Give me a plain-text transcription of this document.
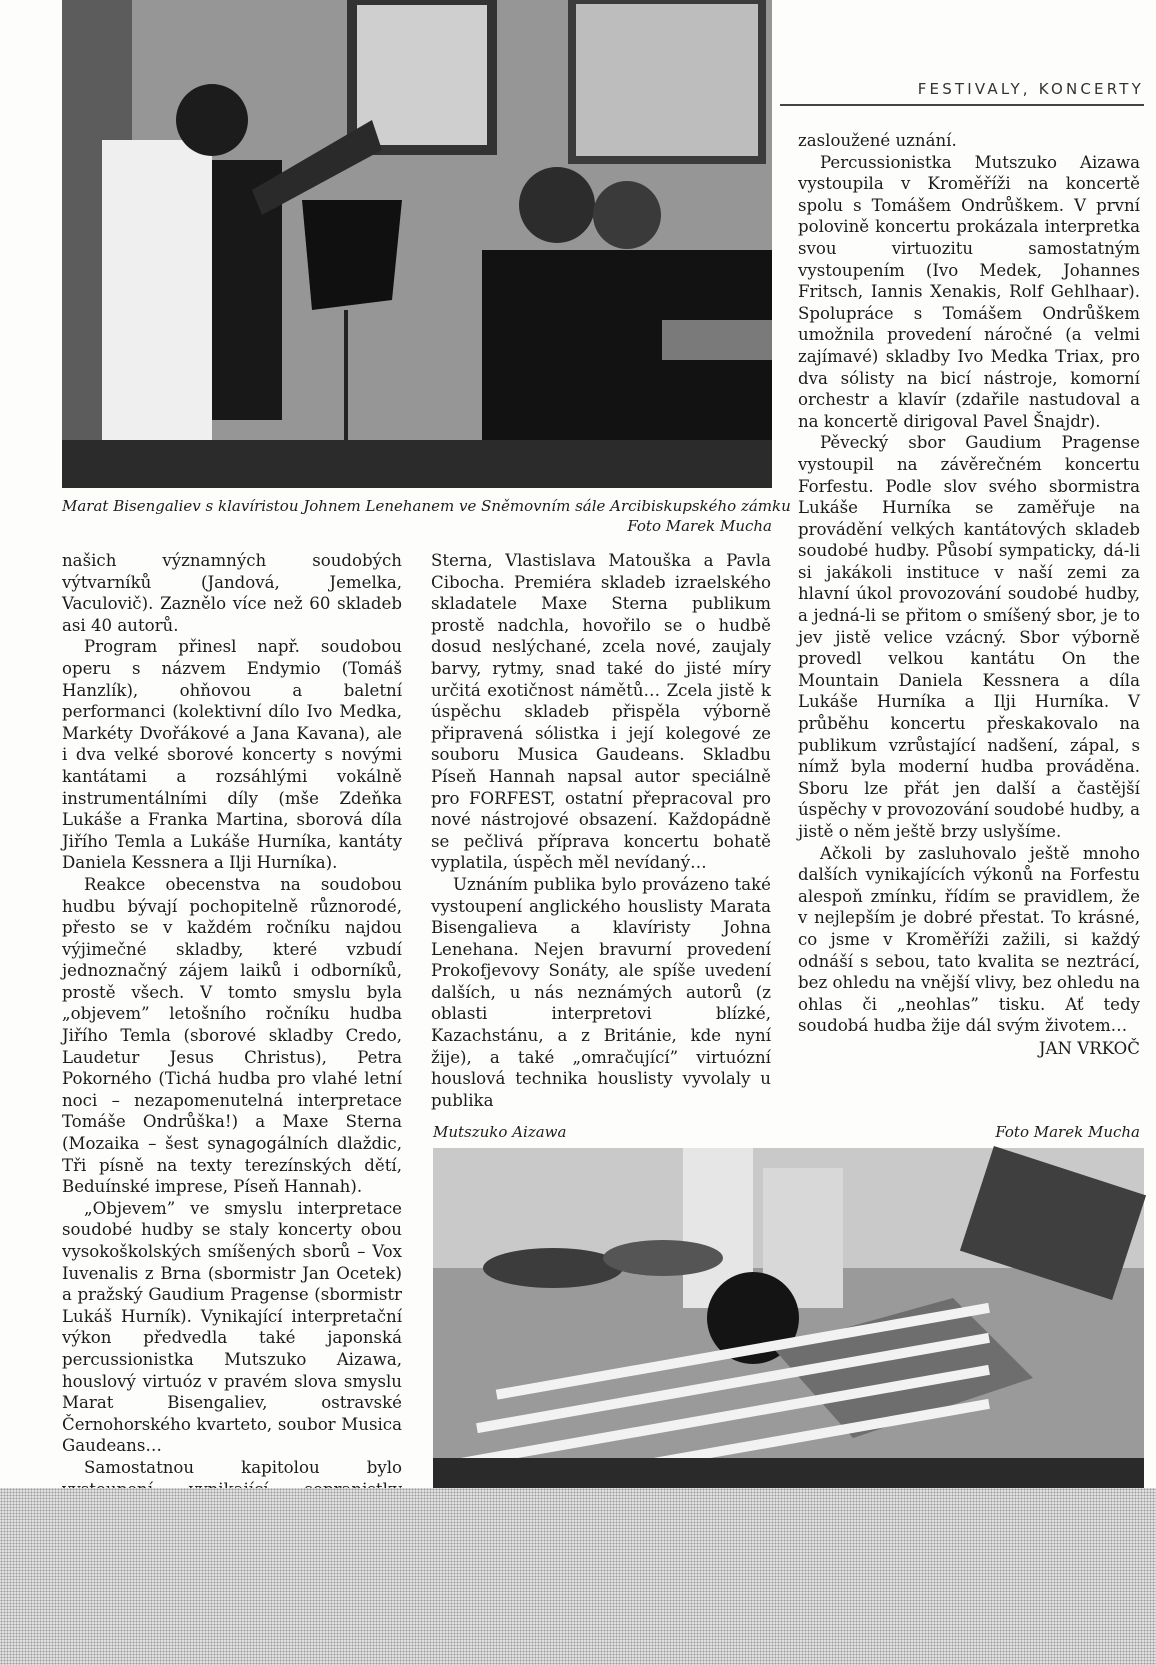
FESTIVALY, KONCERTY
Marat Bisengaliev s klavíristou Johnem Lenehanem ve Sněmovním sále Arcibiskupského zámku
Foto Marek Mucha

našich významných soudobých výtvarníků (Jandová, Jemelka, Vaculovič). Zaznělo více než 60 skladeb asi 40 autorů.

Program přinesl např. soudobou operu s názvem Endymio (Tomáš Hanzlík), ohňovou a baletní performanci (kolektivní dílo Ivo Medka, Markéty Dvořákové a Jana Kavana), ale i dva velké sborové koncerty s novými kantátami a rozsáhlými vokálně instrumentálními díly (mše Zdeňka Lukáše a Franka Martina, sborová díla Jiřího Temla a Lukáše Hurníka, kantáty Daniela Kessnera a Ilji Hurníka).

Reakce obecenstva na soudobou hudbu bývají pochopitelně různorodé, přesto se v každém ročníku najdou výjimečné skladby, které vzbudí jednoznačný zájem laiků i odborníků, prostě všech. V tomto smyslu byla „objevem” letošního ročníku hudba Jiřího Temla (sborové skladby Credo, Laudetur Jesus Christus), Petra Pokorného (Tichá hudba pro vlahé letní noci – nezapomenutelná interpretace Tomáše Ondrůška!) a Maxe Sterna (Mozaika – šest synagogálních dlaždic, Tři písně na texty terezínských dětí, Beduínské imprese, Píseň Hannah).

„Objevem” ve smyslu interpretace soudobé hudby se staly koncerty obou vysokoškolských smíšených sborů – Vox Iuvenalis z Brna (sbormistr Jan Ocetek) a pražský Gaudium Pragense (sbormistr Lukáš Hurník). Vynikající interpretační výkon předvedla také japonská percussionistka Mutszuko Aizawa, houslový virtuóz v pravém slova smyslu Marat Bisengaliev, ostravské Černohorského kvarteto, soubor Musica Gaudeans…

Samostatnou kapitolou bylo

Sterna, Vlastislava Matouška a Pavla Cibocha. Premiéra skladeb izraelského skladatele Maxe Sterna publikum prostě nadchla, hovořilo se o hudbě dosud neslýchané, zcela nové, zaujaly barvy, rytmy, snad také do jisté míry určitá exotičnost námětů… Zcela jistě k úspěchu skladeb přispěla výborně připravená sólistka i její kolegové ze souboru Musica Gaudeans. Skladbu Píseň Hannah napsal autor speciálně pro FORFEST, ostatní přepracoval pro nové nástrojové obsazení. Každopádně se pečlivá příprava koncertu bohatě vyplatila, úspěch měl nevídaný…

Uznáním publika bylo provázeno také vystoupení anglického houslisty Marata Bisengalieva a klavíristy Johna Lenehana. Nejen bravurní provedení Prokofjevovy Sonáty, ale spíše uvedení dalších, u nás neznámých autorů (z oblasti interpretovi blízké, Kazachstánu, a z Británie, kde nyní žije), a také „omračující” virtuózní houslová technika houslisty vyvolaly u publika

zasloužené uznání.

Percussionistka Mutszuko Aizawa vystoupila v Kroměříži na koncertě spolu s Tomášem Ondrůškem. V první polovině koncertu prokázala interpretka svou virtuozitu samostatným vystoupením (Ivo Medek, Johannes Fritsch, Iannis Xenakis, Rolf Gehlhaar). Spolupráce s Tomášem Ondrůškem umožnila provedení náročné (a velmi zajímavé) skladby Ivo Medka Triax, pro dva sólisty na bicí nástroje, komorní orchestr a klavír (zdařile nastudoval a na koncertě dirigoval Pavel Šnajdr).

Pěvecký sbor Gaudium Pragense vystoupil na závěrečném koncertu Forfestu. Podle slov svého sbormistra Lukáše Hurníka se zaměřuje na provádění velkých kantátových skladeb soudobé hudby. Působí sympaticky, dá-li si jakákoli instituce v naší zemi za hlavní úkol provozování soudobé hudby, a jedná-li se přitom o smíšený sbor, je to jev jistě velice vzácný. Sbor výborně provedl velkou kantátu On the Mountain Daniela Kessnera a díla Lukáše Hurníka a Ilji Hurníka. V průběhu koncertu přeskakovalo na publikum vzrůstající nadšení, zápal, s nímž byla moderní hudba prováděna. Sboru lze přát jen další a častější úspěchy v provozování soudobé hudby, a jistě o něm ještě brzy uslyšíme.

Ačkoli by zasluhovalo ještě mnoho dalších vynikajících výkonů na Forfestu alespoň zmínku, řídím se pravidlem, že v nejlepším je dobré přestat. To krásné, co jsme v Kroměříži zažili, si každý odnáší s sebou, tato kvalita se neztrácí, bez ohledu na vnější vlivy, bez ohledu na ohlas či „neohlas” tisku. Ať tedy soudobá hudba žije dál svým životem…

JAN VRKOČ

Mutszuko Aizawa	Foto Marek Mucha
